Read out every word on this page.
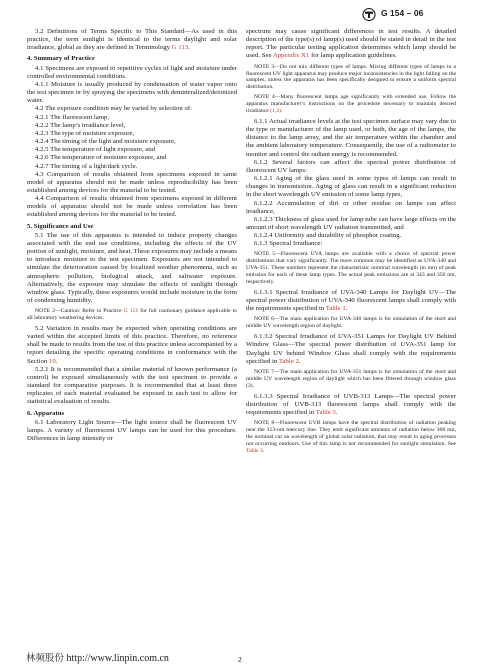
G 154 – 06

3.2 Definitions of Terms Specific to This Standard—As used in this practice, the term sunlight is identical to the terms daylight and solar irradiance, global as they are defined in Terminology G 113.

4. Summary of Practice

4.1 Specimens are exposed to repetitive cycles of light and moisture under controlled environmental conditions.

4.1.1 Moisture is usually produced by condensation of water vapor onto the test specimen or by spraying the specimens with demineralized/deionized water.

4.2 The exposure condition may be varied by selection of:

4.2.1 The fluorescent lamp,

4.2.2 The lamp’s irradiance level,

4.2.3 The type of moisture exposure,

4.2.4 The timing of the light and moisture exposure,

4.2.5 The temperature of light exposure, and

4.2.6 The temperature of moisture exposure, and

4.2.7 The timing of a light/dark cycle.

4.3 Comparison of results obtained from specimens exposed in same model of apparatus should not be made unless reproducibility has been established among devices for the material to be tested.

4.4 Comparison of results obtained from specimens exposed in different models of apparatus should not be made unless correlation has been established among devices for the material to be tested.

5. Significance and Use

5.1 The use of this apparatus is intended to induce property changes associated with the end use conditions, including the effects of the UV portion of sunlight, moisture, and heat. These exposures may include a means to introduce moisture to the test specimen. Exposures are not intended to simulate the deterioration caused by localized weather phenomena, such as atmospheric pollution, biological attack, and saltwater exposure. Alternatively, the exposure may simulate the effects of sunlight through window glass. Typically, these exposures would include moisture in the form of condensing humidity.

NOTE 2—Caution: Refer to Practice G 151 for full cautionary guidance applicable to all laboratory weathering devices.

5.2 Variation in results may be expected when operating conditions are varied within the accepted limits of this practice. Therefore, no reference shall be made to results from the use of this practice unless accompanied by a report detailing the specific operating conditions in conformance with the Section 10.

5.2.1 It is recommended that a similar material of known performance (a control) be exposed simultaneously with the test specimen to provide a standard for comparative purposes. It is recommended that at least three replicates of each material evaluated be exposed in each test to allow for statistical evaluation of results.

6. Apparatus

6.1 Laboratory Light Source—The light source shall be fluorescent UV lamps. A variety of fluorescent UV lamps can be used for this procedure. Differences in lamp intensity or

spectrum may cause significant differences in test results. A detailed description of the type(s) of lamp(s) used should be stated in detail in the test report. The particular testing application determines which lamp should be used. See Appendix X1 for lamp application guidelines.

NOTE 3—Do not mix different types of lamps. Mixing different types of lamps in a fluorescent UV light apparatus may produce major inconsistencies in the light falling on the samples, unless the apparatus has been specifically designed to ensure a uniform spectral distribution.

NOTE 4—Many fluorescent lamps age significantly with extended use. Follow the apparatus manufacturer’s instructions on the procedure necessary to maintain desired irradiance (1,2).

6.1.1 Actual irradiance levels at the test specimen surface may vary due to the type or manufacturer of the lamp used, or both, the age of the lamps, the distance to the lamp array, and the air temperature within the chamber and the ambient laboratory temperature. Consequently, the use of a radiometer to monitor and control the radiant energy is recommended.

6.1.2 Several factors can affect the spectral power distribution of fluorescent UV lamps:

6.1.2.1 Aging of the glass used in some types of lamps can result in changes in transmission. Aging of glass can result in a significant reduction in the short wavelength UV emission of some lamp types,

6.1.2.2 Accumulation of dirt or other residue on lamps can affect irradiance,

6.1.2.3 Thickness of glass used for lamp tube can have large effects on the amount of short wavelength UV radiation transmitted, and

6.1.2.4 Uniformity and durability of phosphor coating.

6.1.3 Spectral Irradiance:

NOTE 5—Fluorescent UVA lamps are available with a choice of spectral power distributions that vary significantly. The more common may be identified as UVA-340 and UVA-351. These numbers represent the characteristic nominal wavelength (in nm) of peak emission for each of these lamp types. The actual peak emissions are at 343 and 350 nm, respectively.

6.1.3.1 Spectral Irradiance of UVA-340 Lamps for Daylight UV—The spectral power distribution of UVA-340 fluorescent lamps shall comply with the requirements specified in Table 1.

NOTE 6—The main application for UVA-340 lamps is for simulation of the short and middle UV wavelength region of daylight.

6.1.3.2 Spectral Irradiance of UVA-351 Lamps for Daylight UV Behind Window Glass—The spectral power distribution of UVA-351 lamp for Daylight UV behind Window Glass shall comply with the requirements specified in Table 2.

NOTE 7—The main application for UVA-351 lamps is for simulation of the short and middle UV wavelength region of daylight which has been filtered through window glass (3).

6.1.3.3 Spectral Irradiance of UVB-313 Lamps—The spectral power distribution of UVB-313 fluorescent lamps shall comply with the requirements specified in Table 3.

NOTE 8—Fluorescent UVB lamps have the spectral distribution of radiation peaking near the 313-nm mercury line. They emit significant amounts of radiation below 300 nm, the nominal cut on wavelength of global solar radiation, that may result in aging processes not occurring outdoors. Use of this lamp is not recommended for sunlight simulation. See Table 3.

林频股份 http://www.linpin.com.cn	2
